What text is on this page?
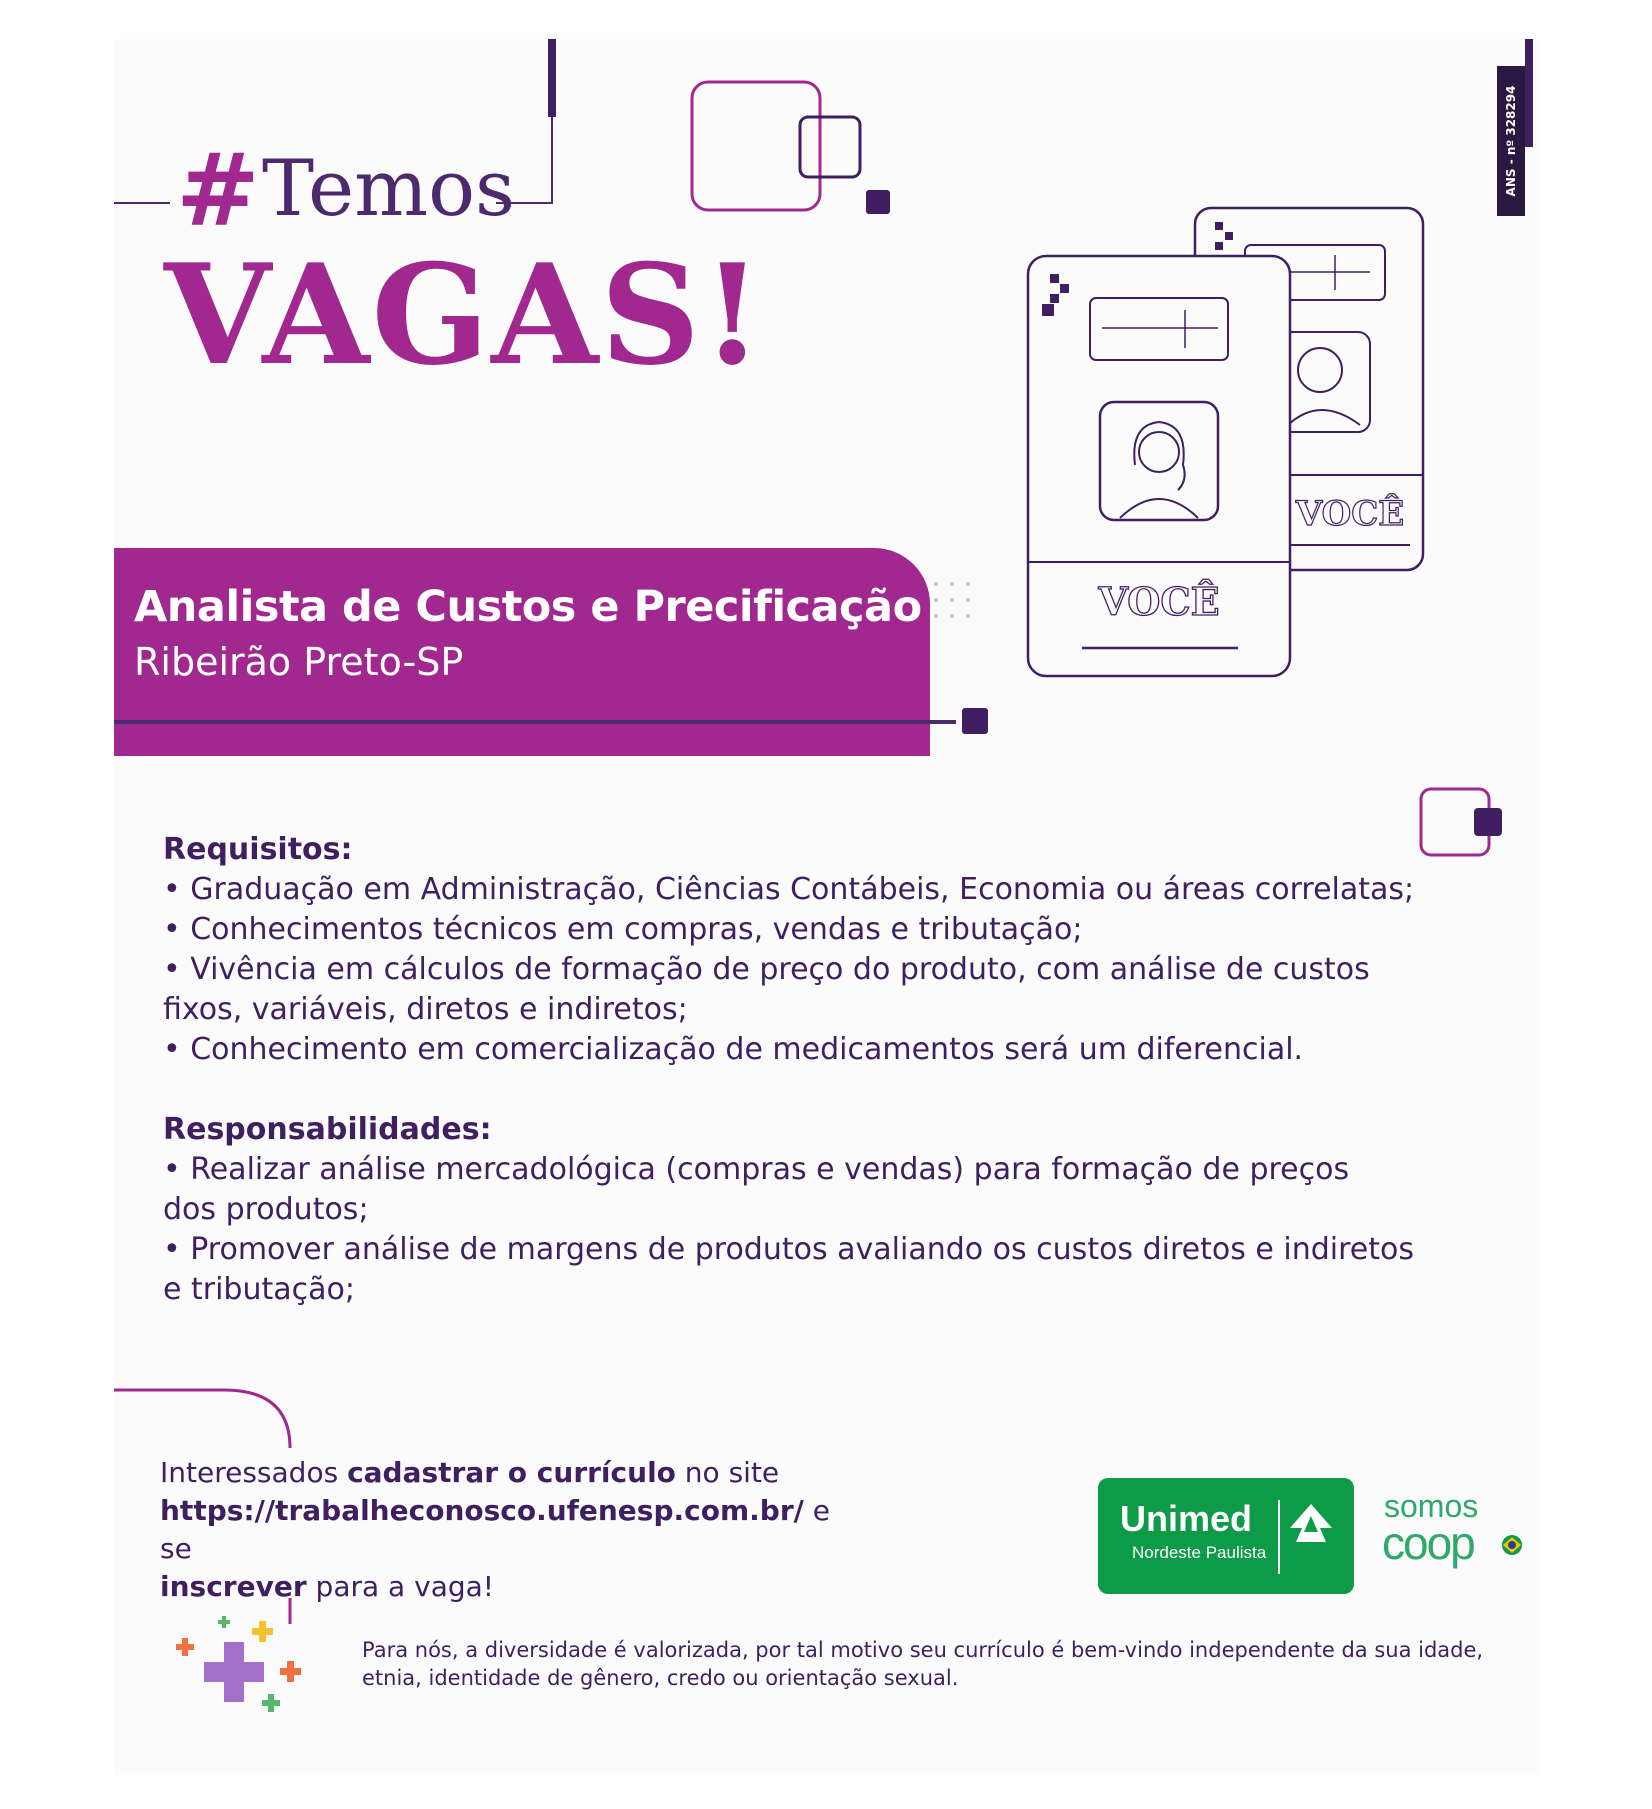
# Temos
VAGAS!
ANS - nº 328294
VOCÊ
VOCÊ
Analista de Custos e Precificação
Ribeirão Preto-SP
Requisitos:
• Graduação em Administração, Ciências Contábeis, Economia ou áreas correlatas;
• Conhecimentos técnicos em compras, vendas e tributação;
• Vivência em cálculos de formação de preço do produto, com análise de custos fixos, variáveis, diretos e indiretos;
• Conhecimento em comercialização de medicamentos será um diferencial.
Responsabilidades:
• Realizar análise mercadológica (compras e vendas) para formação de preços dos produtos;
• Promover análise de margens de produtos avaliando os custos diretos e indiretos e tributação;
Interessados cadastrar o currículo no site
https://trabalheconosco.ufenesp.com.br/ e se
inscrever para a vaga!
Unimed
Nordeste Paulista
somos
coop
Para nós, a diversidade é valorizada, por tal motivo seu currículo é bem-vindo independente da sua idade, etnia, identidade de gênero, credo ou orientação sexual.
